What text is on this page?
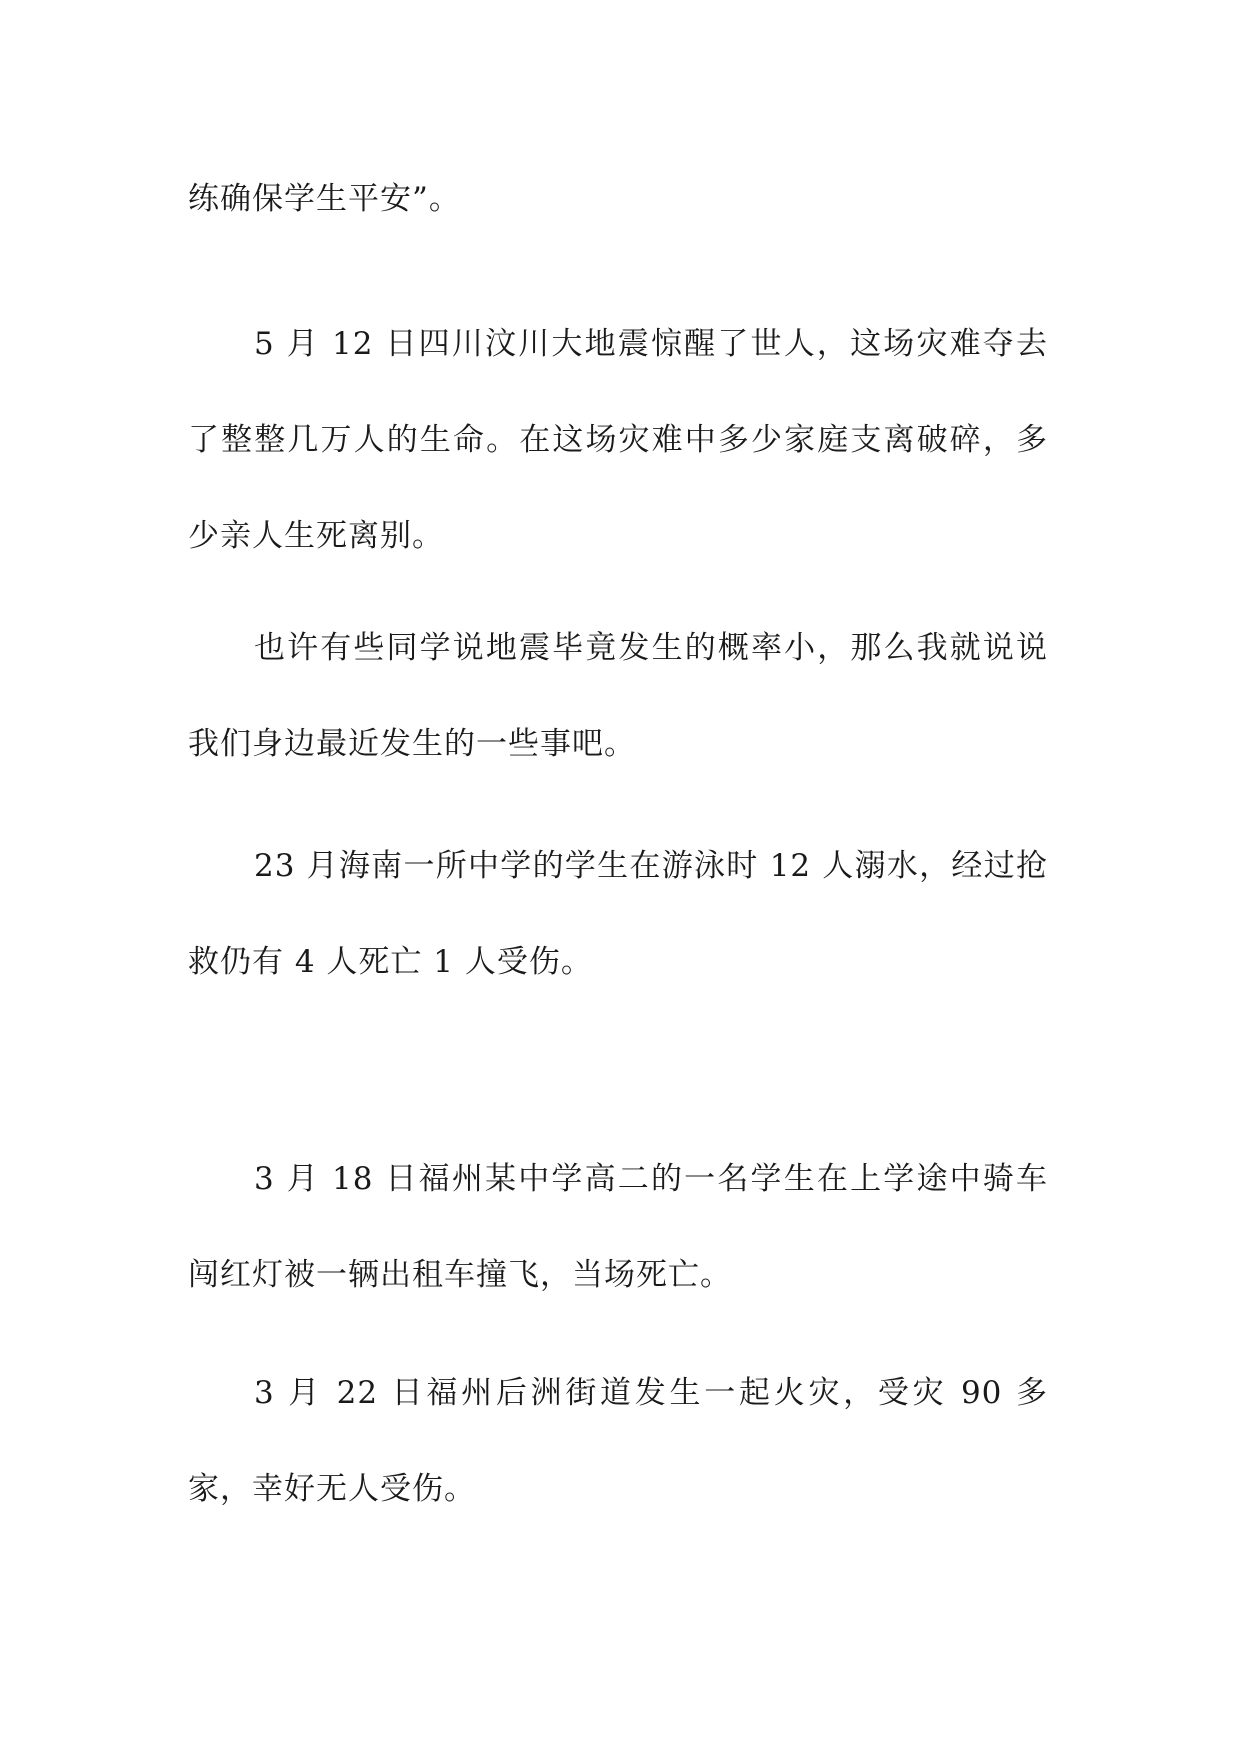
练确保学生平安”。

5 月 12 日四川汶川大地震惊醒了世人，这场灾难夺去了整整几万人的生命。在这场灾难中多少家庭支离破碎，多少亲人生死离别。

也许有些同学说地震毕竟发生的概率小，那么我就说说我们身边最近发生的一些事吧。

23 月海南一所中学的学生在游泳时 12 人溺水，经过抢救仍有 4 人死亡 1 人受伤。

3 月 18 日福州某中学高二的一名学生在上学途中骑车闯红灯被一辆出租车撞飞，当场死亡。

3 月 22 日福州后洲街道发生一起火灾，受灾 90 多家，幸好无人受伤。
